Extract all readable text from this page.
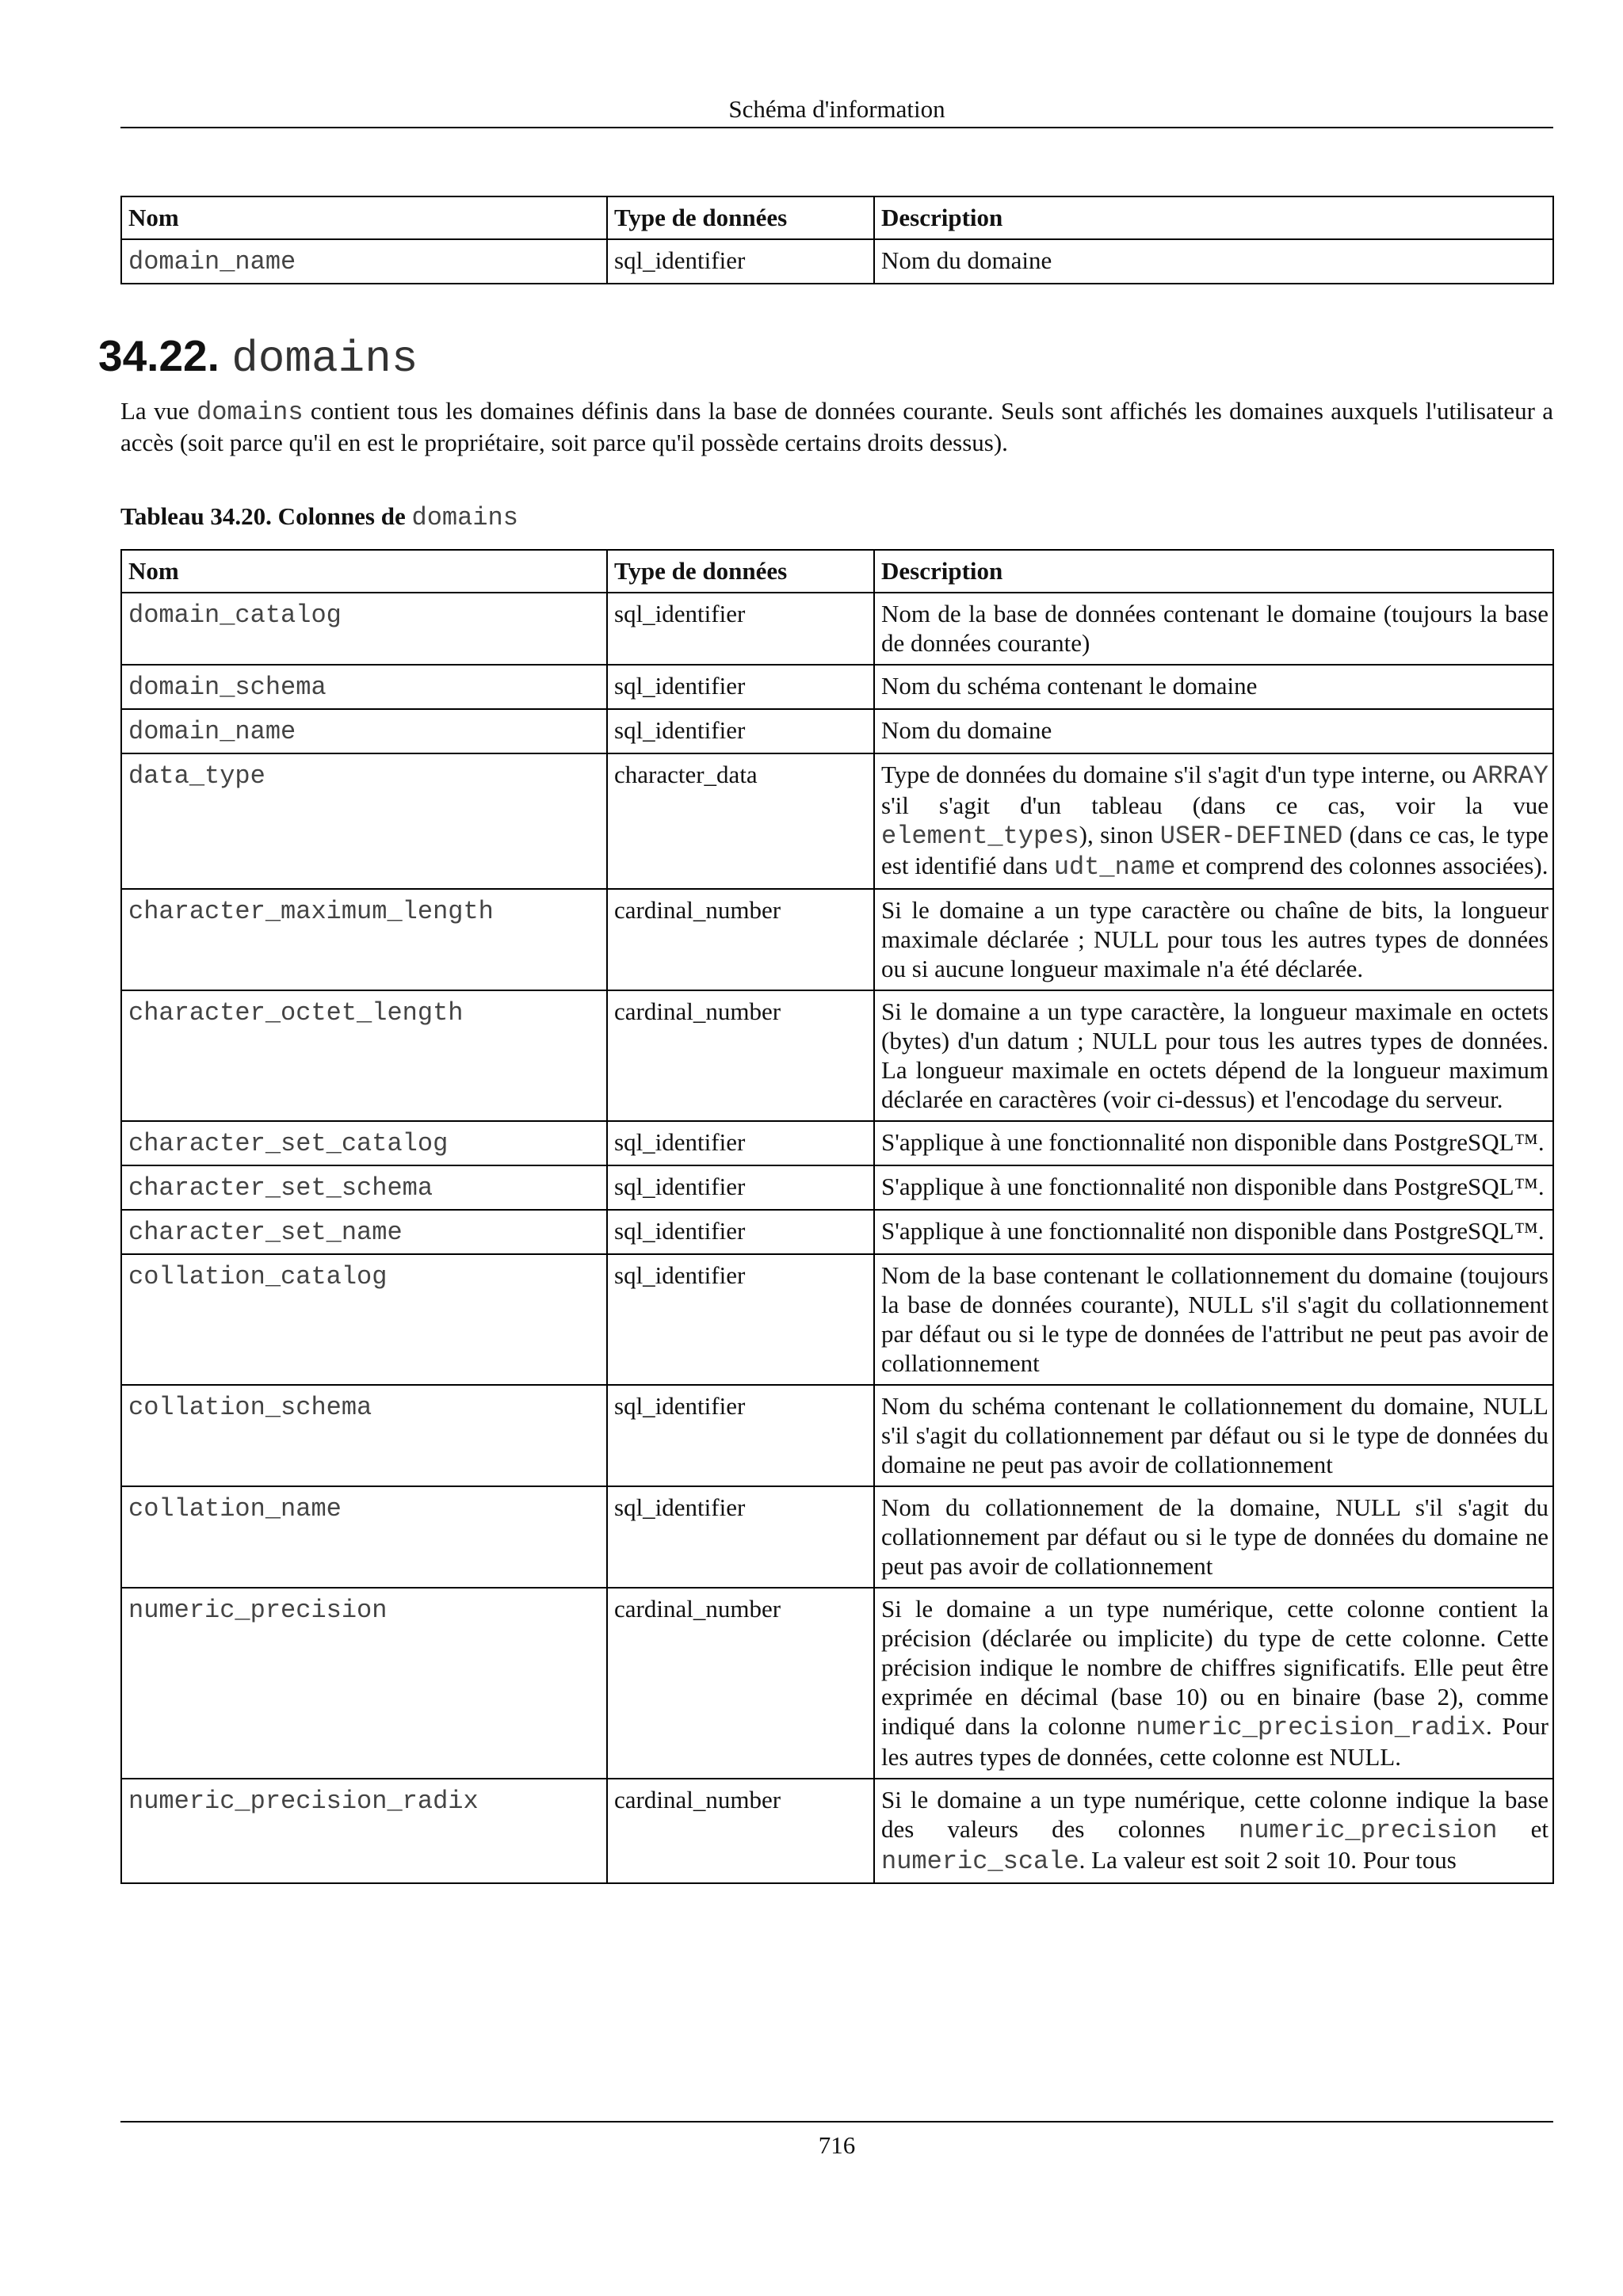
Schéma d'information
Nom	Type de données	Description
domain_name	sql_identifier	Nom du domaine
34.22. domains

La vue domains contient tous les domaines définis dans la base de données courante. Seuls sont affichés les domaines auxquels l'utilisateur a accès (soit parce qu'il en est le propriétaire, soit parce qu'il possède certains droits dessus).

Tableau 34.20. Colonnes de domains

Nom	Type de données	Description
domain_catalog	sql_identifier	Nom de la base de données contenant le domaine (toujours la base de données courante)
domain_schema	sql_identifier	Nom du schéma contenant le domaine
domain_name	sql_identifier	Nom du domaine
data_type	character_data	Type de données du domaine s'il s'agit d'un type interne, ou ARRAY s'il s'agit d'un tableau (dans ce cas, voir la vue element_types), sinon USER-DEFINED (dans ce cas, le type est identifié dans udt_name et comprend des colonnes associées).
character_maximum_length	cardinal_number	Si le domaine a un type caractère ou chaîne de bits, la longueur maximale déclarée ; NULL pour tous les autres types de données ou si aucune longueur maximale n'a été déclarée.
character_octet_length	cardinal_number	Si le domaine a un type caractère, la longueur maximale en octets (bytes) d'un datum ; NULL pour tous les autres types de données. La longueur maximale en octets dépend de la longueur maximum déclarée en caractères (voir ci-dessus) et l'encodage du serveur.
character_set_catalog	sql_identifier	S'applique à une fonctionnalité non disponible dans PostgreSQL™.
character_set_schema	sql_identifier	S'applique à une fonctionnalité non disponible dans PostgreSQL™.
character_set_name	sql_identifier	S'applique à une fonctionnalité non disponible dans PostgreSQL™.
collation_catalog	sql_identifier	Nom de la base contenant le collationnement du domaine (toujours la base de données courante), NULL s'il s'agit du collationnement par défaut ou si le type de données de l'attribut ne peut pas avoir de collationnement
collation_schema	sql_identifier	Nom du schéma contenant le collationnement du domaine, NULL s'il s'agit du collationnement par défaut ou si le type de données du domaine ne peut pas avoir de collationnement
collation_name	sql_identifier	Nom du collationnement de la domaine, NULL s'il s'agit du collationnement par défaut ou si le type de données du domaine ne peut pas avoir de collationnement
numeric_precision	cardinal_number	Si le domaine a un type numérique, cette colonne contient la précision (déclarée ou implicite) du type de cette colonne. Cette précision indique le nombre de chiffres significatifs. Elle peut être exprimée en décimal (base 10) ou en binaire (base 2), comme indiqué dans la colonne numeric_precision_radix. Pour les autres types de données, cette colonne est NULL.
numeric_precision_radix	cardinal_number	Si le domaine a un type numérique, cette colonne indique la base des valeurs des colonnes numeric_precision et numeric_scale. La valeur est soit 2 soit 10. Pour tous
716
